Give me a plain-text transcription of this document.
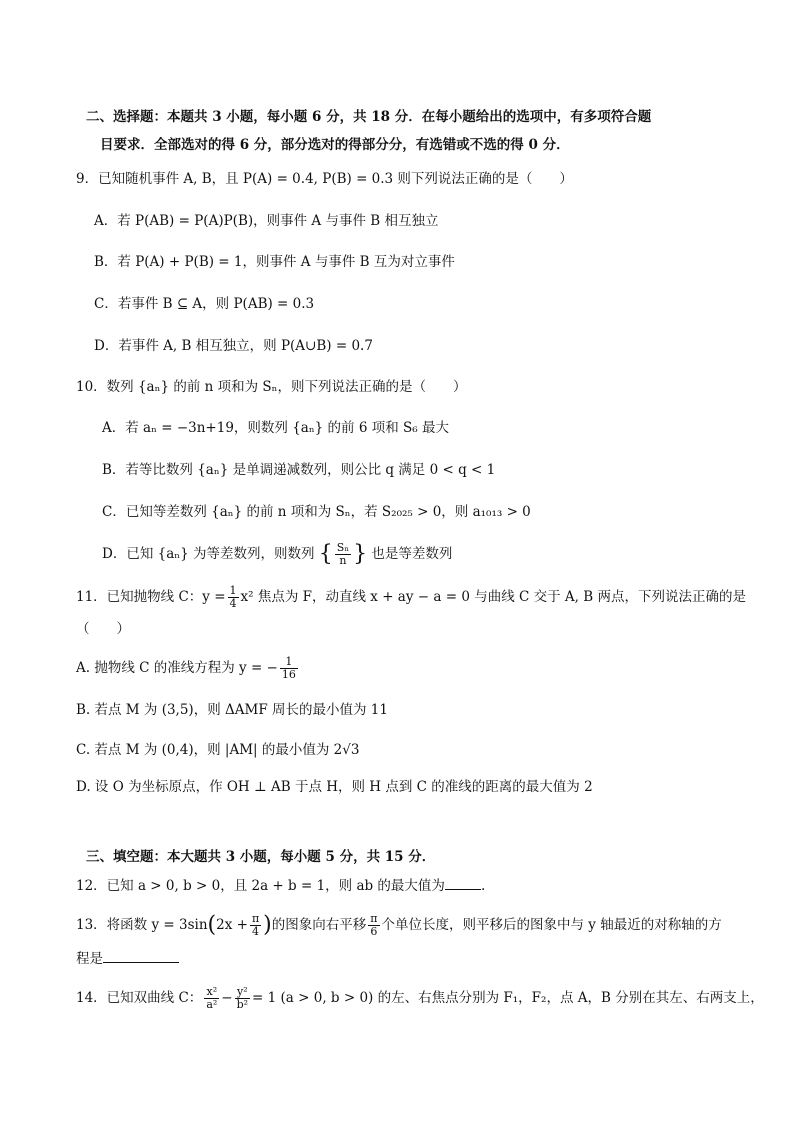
二、选择题：本题共 3 小题，每小题 6 分，共 18 分．在每小题给出的选项中，有多项符合题
目要求．全部选对的得 6 分，部分选对的得部分分，有选错或不选的得 0 分．
9．已知随机事件 A, B，且 P(A) = 0.4, P(B) = 0.3 则下列说法正确的是（　　）
A．若 P(AB) = P(A)P(B)，则事件 A 与事件 B 相互独立
B．若 P(A) + P(B) = 1，则事件 A 与事件 B 互为对立事件
C．若事件 B ⊆ A，则 P(AB) = 0.3
D．若事件 A, B 相互独立，则 P(A∪B) = 0.7
10．数列 {aₙ} 的前 n 项和为 Sₙ，则下列说法正确的是（　　）
A．若 aₙ = −3n+19，则数列 {aₙ} 的前 6 项和 S₆ 最大
B．若等比数列 {aₙ} 是单调递减数列，则公比 q 满足 0 < q < 1
C．已知等差数列 {aₙ} 的前 n 项和为 Sₙ，若 S₂₀₂₅ > 0，则 a₁₀₁₃ > 0
D．已知 {aₙ} 为等差数列，则数列 { $\frac{\text{Sₙ}}{n}$ } 也是等差数列
11．已知抛物线 C：$y = \frac{1}{4} x^2$ 焦点为 F，动直线 x + ay − a = 0 与曲线 C 交于 A, B 两点，下列说法正确的是
（　　）
A. 抛物线 C 的准线方程为 y = − $\frac{1}{16}$
B. 若点 M 为 (3,5)，则 ΔAMF 周长的最小值为 11
C. 若点 M 为 (0,4)，则 |AM| 的最小值为 2√3
D. 设 O 为坐标原点，作 OH ⊥ AB 于点 H，则 H 点到 C 的准线的距离的最大值为 2
三、填空题：本大题共 3 小题，每小题 5 分，共 15 分．
12．已知 a > 0, b > 0，且 2a + b = 1，则 ab 的最大值为	.
13．将函数 $y = 3\sin(2x + \frac{\pi}{4}$ )的图象向右平移 $\frac{\pi}{6}$ 个单位长度，则平移后的图象中与 y 轴最近的对称轴的方
程是
14．已知双曲线 C： $\frac{\text{x²}}{\text{a²}} - \frac{\text{y²}}{\text{b²}} = 1$ (a > 0, b > 0) 的左、右焦点分别为 F₁，F₂，点 A，B 分别在其左、右两支上，
